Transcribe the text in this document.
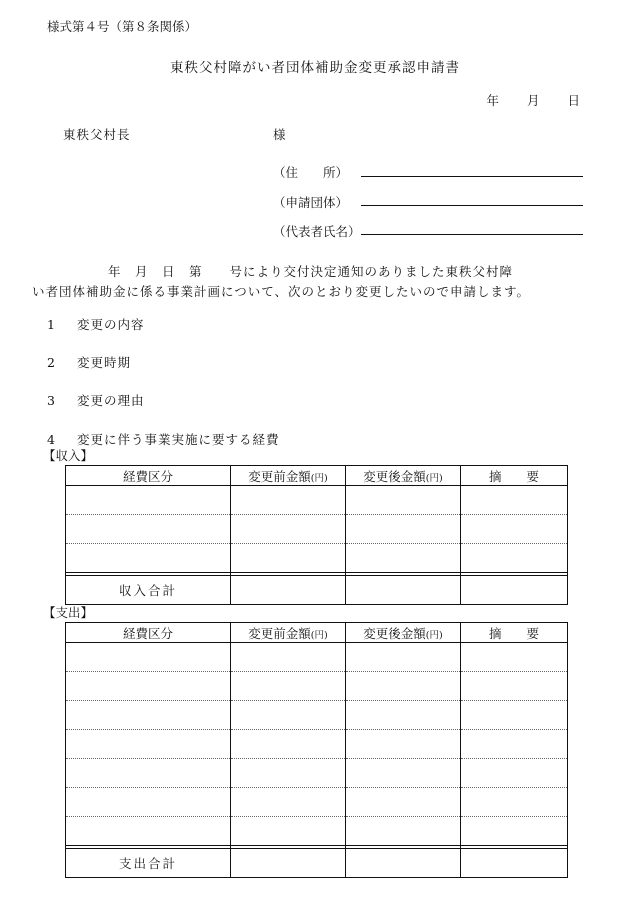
様式第４号（第８条関係）
東秩父村障がい者団体補助金変更承認申請書
年 月 日
東秩父村長	様
（住　　所）
（申請団体）
（代表者氏名）
年　月　日　第　　号により交付決定通知のありました東秩父村障
い者団体補助金に係る事業計画について、次のとおり変更したいので申請します。
1 変更の内容
2 変更時期
3 変更の理由
4 変更に伴う事業実施に要する経費
【収入】
経費区分	変更前金額(円)	変更後金額(円)	摘　　要

収入合計			
【支出】
経費区分	変更前金額(円)	変更後金額(円)	摘　　要

支出合計			
